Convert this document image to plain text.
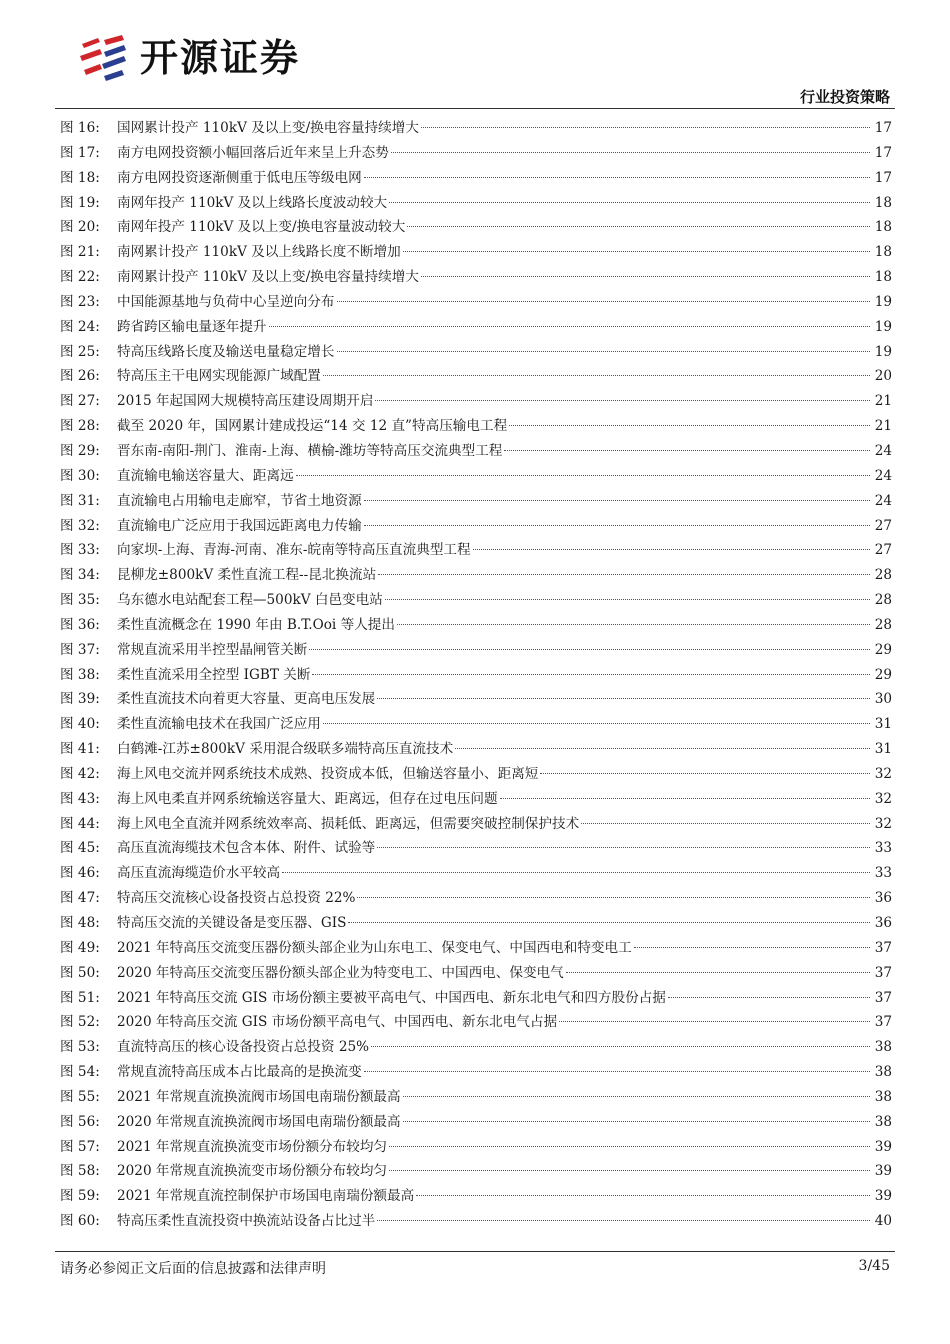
开源证券
行业投资策略
图 16:	国网累计投产 110kV 及以上变/换电容量持续增大	17
图 17:	南方电网投资额小幅回落后近年来呈上升态势	17
图 18:	南方电网投资逐渐侧重于低电压等级电网	17
图 19:	南网年投产 110kV 及以上线路长度波动较大	18
图 20:	南网年投产 110kV 及以上变/换电容量波动较大	18
图 21:	南网累计投产 110kV 及以上线路长度不断增加	18
图 22:	南网累计投产 110kV 及以上变/换电容量持续增大	18
图 23:	中国能源基地与负荷中心呈逆向分布	19
图 24:	跨省跨区输电量逐年提升	19
图 25:	特高压线路长度及输送电量稳定增长	19
图 26:	特高压主干电网实现能源广域配置	20
图 27:	2015 年起国网大规模特高压建设周期开启	21
图 28:	截至 2020 年，国网累计建成投运“14 交 12 直”特高压输电工程	21
图 29:	晋东南-南阳-荆门、淮南-上海、横榆-潍坊等特高压交流典型工程	24
图 30:	直流输电输送容量大、距离远	24
图 31:	直流输电占用输电走廊窄，节省土地资源	24
图 32:	直流输电广泛应用于我国远距离电力传输	27
图 33:	向家坝-上海、青海-河南、准东-皖南等特高压直流典型工程	27
图 34:	昆柳龙±800kV 柔性直流工程--昆北换流站	28
图 35:	乌东德水电站配套工程—500kV 白邑变电站	28
图 36:	柔性直流概念在 1990 年由 B.T.Ooi 等人提出	28
图 37:	常规直流采用半控型晶闸管关断	29
图 38:	柔性直流采用全控型 IGBT 关断	29
图 39:	柔性直流技术向着更大容量、更高电压发展	30
图 40:	柔性直流输电技术在我国广泛应用	31
图 41:	白鹤滩-江苏±800kV 采用混合级联多端特高压直流技术	31
图 42:	海上风电交流并网系统技术成熟、投资成本低，但输送容量小、距离短	32
图 43:	海上风电柔直并网系统输送容量大、距离远，但存在过电压问题	32
图 44:	海上风电全直流并网系统效率高、损耗低、距离远，但需要突破控制保护技术	32
图 45:	高压直流海缆技术包含本体、附件、试验等	33
图 46:	高压直流海缆造价水平较高	33
图 47:	特高压交流核心设备投资占总投资 22%	36
图 48:	特高压交流的关键设备是变压器、GIS	36
图 49:	2021 年特高压交流变压器份额头部企业为山东电工、保变电气、中国西电和特变电工	37
图 50:	2020 年特高压交流变压器份额头部企业为特变电工、中国西电、保变电气	37
图 51:	2021 年特高压交流 GIS 市场份额主要被平高电气、中国西电、新东北电气和四方股份占据	37
图 52:	2020 年特高压交流 GIS 市场份额平高电气、中国西电、新东北电气占据	37
图 53:	直流特高压的核心设备投资占总投资 25%	38
图 54:	常规直流特高压成本占比最高的是换流变	38
图 55:	2021 年常规直流换流阀市场国电南瑞份额最高	38
图 56:	2020 年常规直流换流阀市场国电南瑞份额最高	38
图 57:	2021 年常规直流换流变市场份额分布较均匀	39
图 58:	2020 年常规直流换流变市场份额分布较均匀	39
图 59:	2021 年常规直流控制保护市场国电南瑞份额最高	39
图 60:	特高压柔性直流投资中换流站设备占比过半	40
请务必参阅正文后面的信息披露和法律声明	3/45
